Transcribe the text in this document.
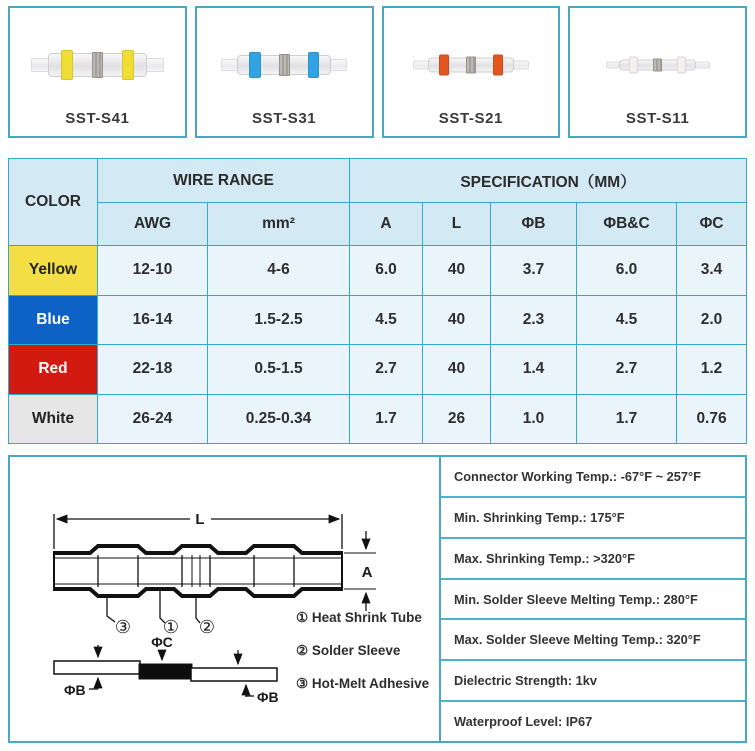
SST-S41	SST-S31	SST-S21	SST-S11
COLOR	WIRE RANGE		SPECIFICATION（MM）				
	AWG	mm²	A	L	ΦB	ΦB&C	ΦC
Yellow	12-10	4-6	6.0	40	3.7	6.0	3.4
Blue	16-14	1.5-2.5	4.5	40	2.3	4.5	2.0
Red	22-18	0.5-1.5	2.7	40	1.4	2.7	1.2
White	26-24	0.25-0.34	1.7	26	1.0	1.7	0.76
L
A
③ ① ②
ΦC
ΦB	ΦB
① Heat Shrink Tube
② Solder Sleeve
③ Hot-Melt Adhesive
Connector Working Temp.: -67°F ~ 257°F
Min. Shrinking Temp.: 175°F
Max. Shrinking Temp.: >320°F
Min. Solder Sleeve Melting Temp.: 280°F
Max. Solder Sleeve Melting Temp.: 320°F
Dielectric Strength: 1kv
Waterproof Level: IP67
